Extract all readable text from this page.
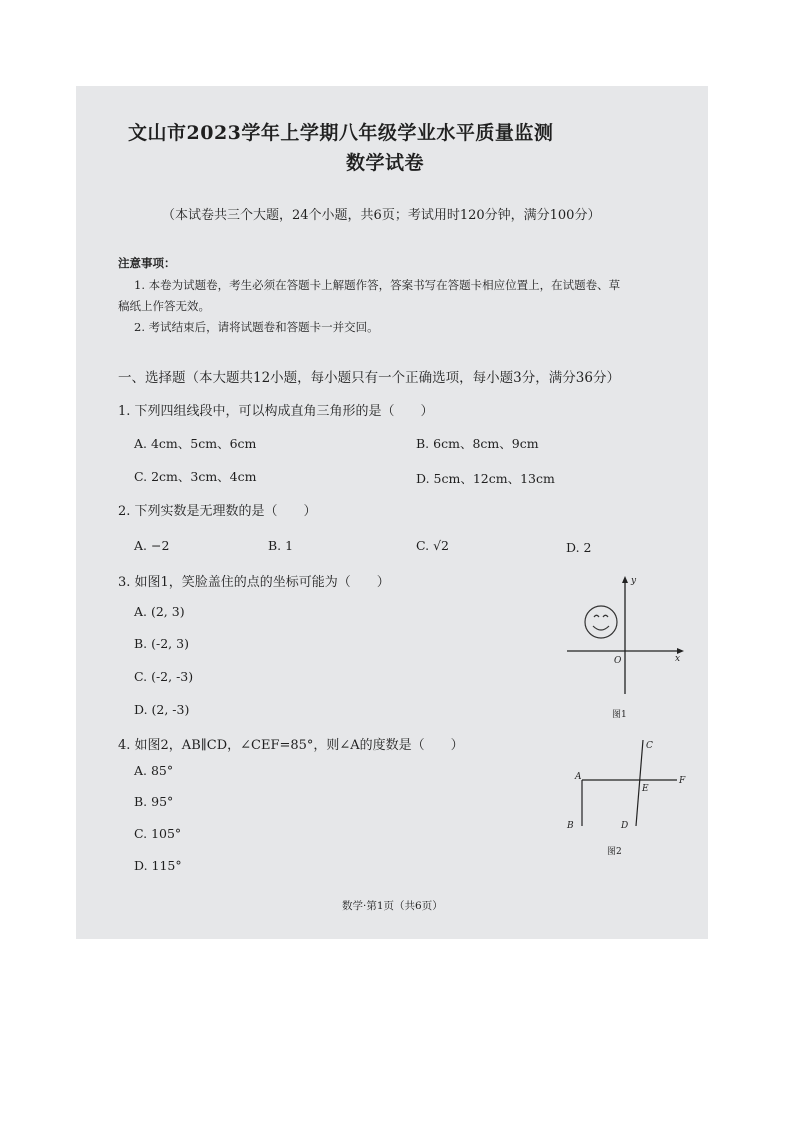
文山市2023学年上学期八年级学业水平质量监测
数学试卷
（本试卷共三个大题，24个小题，共6页；考试用时120分钟，满分100分）
注意事项：
1. 本卷为试题卷，考生必须在答题卡上解题作答，答案书写在答题卡相应位置上，在试题卷、草
稿纸上作答无效。
2. 考试结束后，请将试题卷和答题卡一并交回。
一、选择题（本大题共12小题，每小题只有一个正确选项，每小题3分，满分36分）
1. 下列四组线段中，可以构成直角三角形的是（　　）
A. 4cm、5cm、6cm	B. 6cm、8cm、9cm
C. 2cm、3cm、4cm	D. 5cm、12cm、13cm
2. 下列实数是无理数的是（　　）
A. −2	B. 1	C. √2	D. 2
3. 如图1，笑脸盖住的点的坐标可能为（　　）
A. (2, 3)
B. (-2, 3)
C. (-2, -3)
D. (2, -3)
y
x
O
图1
4. 如图2，AB∥CD，∠CEF=85°，则∠A的度数是（　　）
A. 85°
B. 95°
C. 105°
D. 115°
A
B
C
D
E
F
图2
数学·第1页（共6页）
